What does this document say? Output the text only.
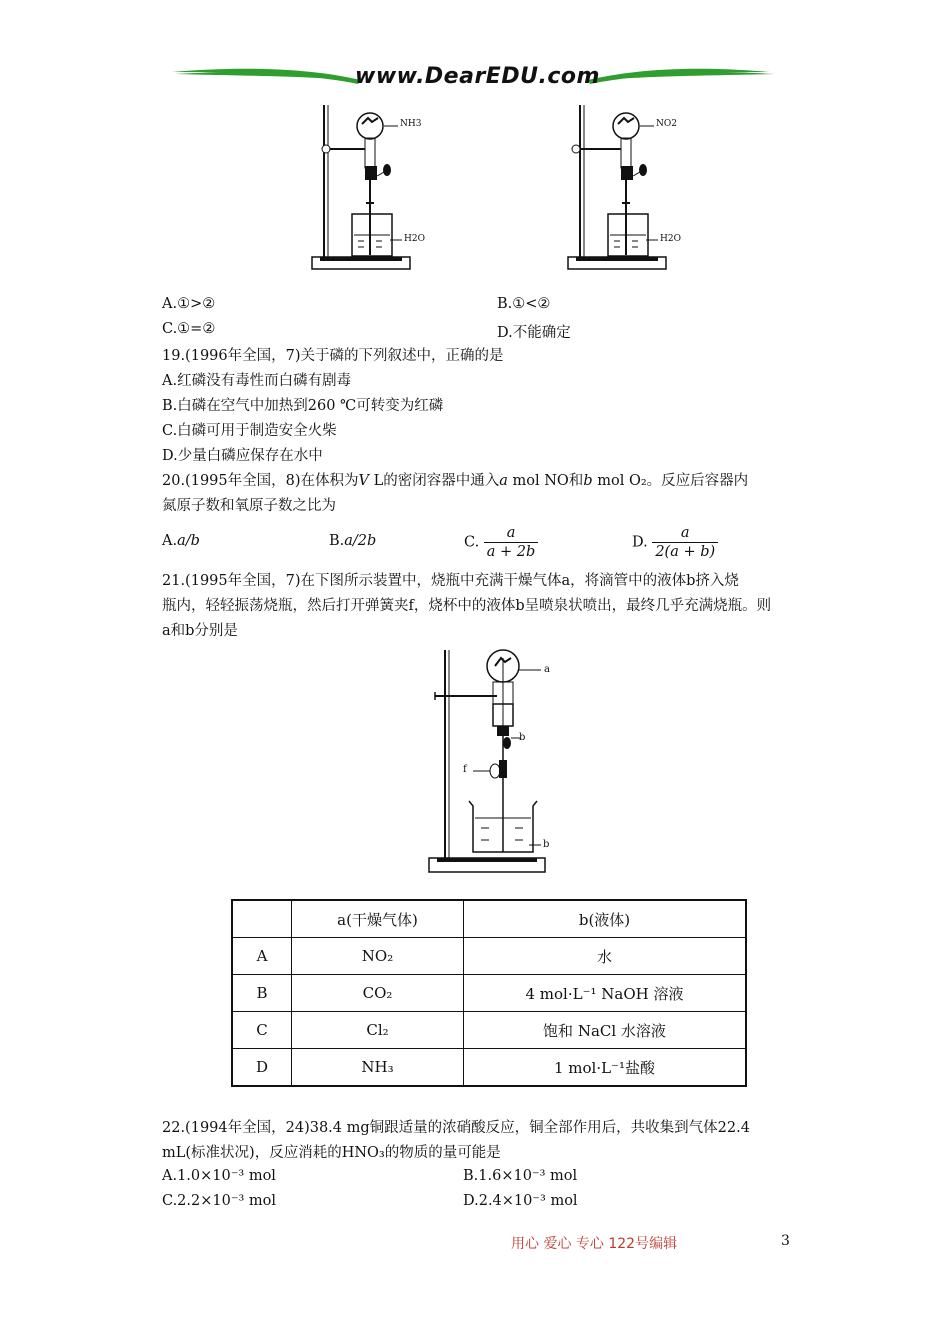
www.DearEDU.com
NH3
H2O
NO2
H2O
A.①>②	B.①<②
C.①=②	D.不能确定
19.(1996年全国，7)关于磷的下列叙述中，正确的是
A.红磷没有毒性而白磷有剧毒
B.白磷在空气中加热到260 ℃可转变为红磷
C.白磷可用于制造安全火柴
D.少量白磷应保存在水中
20.(1995年全国，8)在体积为V L的密闭容器中通入a mol NO和b mol O₂。反应后容器内
氮原子数和氧原子数之比为
A.a/b	B.a/2b	C. $\frac{a}{a + 2b}$	D. $\frac{a}{2(a + b)}$
21.(1995年全国，7)在下图所示装置中，烧瓶中充满干燥气体a，将滴管中的液体b挤入烧
瓶内，轻轻振荡烧瓶，然后打开弹簧夹f，烧杯中的液体b呈喷泉状喷出，最终几乎充满烧瓶。则
a和b分别是
a
b
f
b
	a(干燥气体)	b(液体)
A	NO₂	水
B	CO₂	4 mol·L⁻¹ NaOH 溶液
C	Cl₂	饱和 NaCl 水溶液
D	NH₃	1 mol·L⁻¹盐酸
22.(1994年全国，24)38.4 mg铜跟适量的浓硝酸反应，铜全部作用后，共收集到气体22.4
mL(标准状况)，反应消耗的HNO₃的物质的量可能是
A.1.0×10⁻³ mol	B.1.6×10⁻³ mol
C.2.2×10⁻³ mol	D.2.4×10⁻³ mol
用心 爱心 专心 122号编辑	3
